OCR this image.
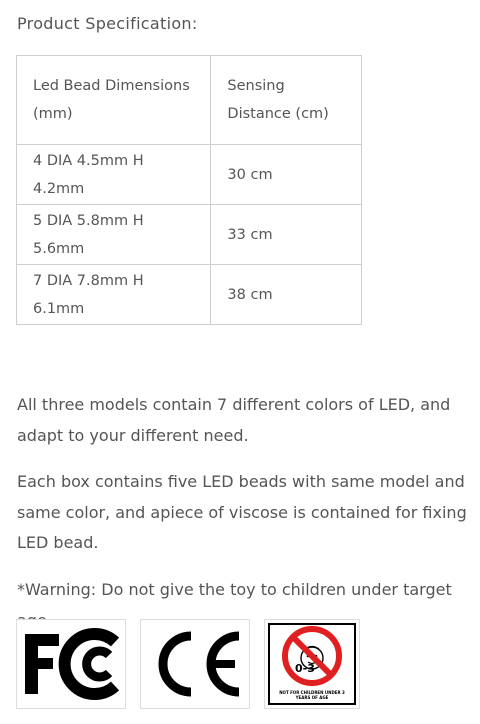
Product Specification:
Led Bead Dimensions (mm)	Sensing Distance (cm)
4 DIA 4.5mm H 4.2mm	30 cm
5 DIA 5.8mm H 5.6mm	33 cm
7 DIA 7.8mm H 6.1mm	38 cm

All three models contain 7 different colors of LED, and adapt to your different need.

Each box contains five LED beads with same model and same color, and apiece of viscose is contained for fixing LED bead.

*Warning: Do not give the toy to children under target

0-3
NOT FOR CHILDREN UNDER 3 YEARS OF AGE
